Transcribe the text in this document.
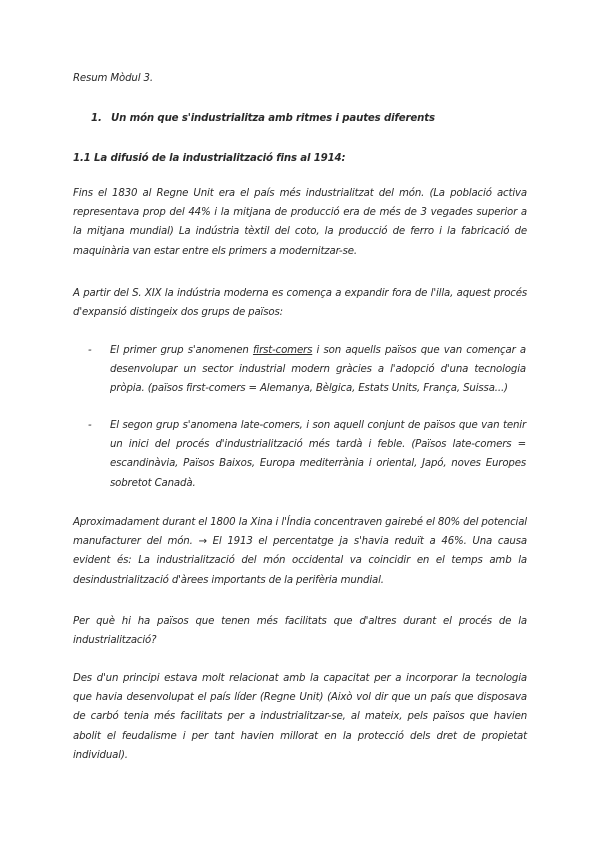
Resum Mòdul 3.

1. Un món que s'industrialitza amb ritmes i pautes diferents

1.1 La difusió de la industrialització fins al 1914:

Fins el 1830 al Regne Unit era el país més industrialitzat del món. (La població activa representava prop del 44% i la mitjana de producció era de més de 3 vegades superior a la mitjana mundial) La indústria tèxtil del coto, la producció de ferro i la fabricació de maquinària van estar entre els primers a modernitzar-se.

A partir del S. XIX la indústria moderna es comença a expandir fora de l'illa, aquest procés d'expansió distingeix dos grups de països:

- El primer grup s'anomenen first-comers i son aquells països que van començar a desenvolupar un sector industrial modern gràcies a l'adopció d'una tecnologia pròpia. (països first-comers = Alemanya, Bèlgica, Estats Units, França, Suissa...)

- El segon grup s'anomena late-comers, i son aquell conjunt de països que van tenir un inici del procés d'industrialització més tardà i feble. (Països late-comers = escandinàvia, Països Baixos, Europa mediterrània i oriental, Japó, noves Europes sobretot Canadà.

Aproximadament durant el 1800 la Xina i l'Índia concentraven gairebé el 80% del potencial manufacturer del món. → El 1913 el percentatge ja s'havia reduït a 46%. Una causa evident és: La industrialització del món occidental va coincidir en el temps amb la desindustrialització d'àrees importants de la perifèria mundial.

Per què hi ha països que tenen més facilitats que d'altres durant el procés de la industrialització?

Des d'un principi estava molt relacionat amb la capacitat per a incorporar la tecnologia que havia desenvolupat el país líder (Regne Unit) (Això vol dir que un país que disposava de carbó tenia més facilitats per a industrialitzar-se, al mateix, pels països que havien abolit el feudalisme i per tant havien millorat en la protecció dels dret de propietat individual).
